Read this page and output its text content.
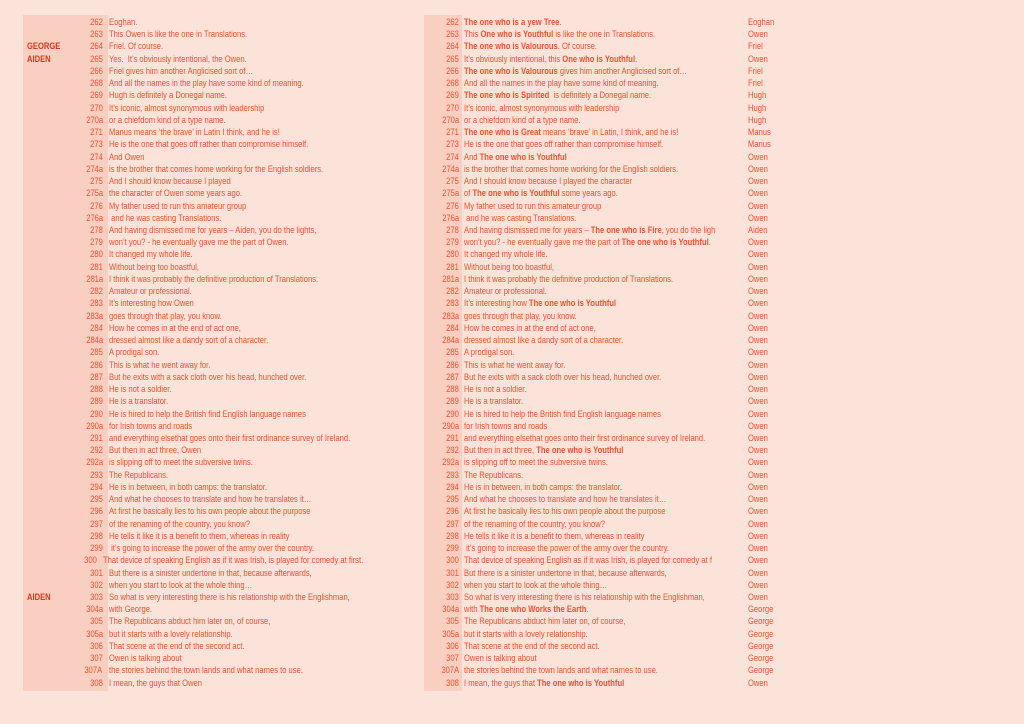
262 Eoghan.
263 This Owen is like the one in Translations.
GEORGE	264 Friel. Of course.
AIDEN	265 Yes.  It’s obviously intentional, the Owen.
266 Friel gives him another Anglicised sort of…
268 And all the names in the play have some kind of meaning.
269 Hugh is definitely a Donegal name.
270 It’s iconic, almost synonymous with leadership
270a or a chiefdom kind of a type name.
271 Manus means ‘the brave’ in Latin I think, and he is!
273 He is the one that goes off rather than compromise himself.
274 And Owen
274a is the brother that comes home working for the English soldiers.
275 And I should know because I played
275a the character of Owen some years ago.
276 My father used to run this amateur group
276a and he was casting Translations.
278 And having dismissed me for years – Aiden, you do the lights,
279 won’t you? - he eventually gave me the part of Owen.
280 It changed my whole life.
281 Without being too boastful,
281a I think it was probably the definitive production of Translations.
282 Amateur or professional.
283 It’s interesting how Owen
283a goes through that play, you know.
284 How he comes in at the end of act one,
284a dressed almost like a dandy sort of a character.
285 A prodigal son.
286 This is what he went away for.
287 But he exits with a sack cloth over his head, hunched over.
288 He is not a soldier.
289 He is a translator.
290 He is hired to help the British find English language names
290a for Irish towns and roads
291 and everything elsethat goes onto their first ordinance survey of Ireland.
292 But then in act three, Owen
292a is slipping off to meet the subversive twins.
293 The Republicans.
294 He is in between, in both camps: the translator.
295 And what he chooses to translate and how he translates it…
296 At first he basically lies to his own people about the purpose
297 of the renaming of the country, you know?
298 He tells it like it is a benefit to them, whereas in reality
299 it’s going to increase the power of the army over the country.
300 That device of speaking English as if it was Irish, is played for comedy at first.
301 But there is a sinister undertone in that, because afterwards,
302 when you start to look at the whole thing…
AIDEN	303 So what is very interesting there is his relationship with the Englishman,
304a with George.
305 The Republicans abduct him later on, of course,
305a but it starts with a lovely relationship.
306 That scene at the end of the second act.
307 Owen is talking about
307A the stories behind the town lands and what names to use.
308 I mean, the guys that Owen
262 The one who is a yew Tree.	Eoghan
263 This One who is Youthful is like the one in Translations.	Owen
264 The one who is Valourous. Of course.	Friel
265 It’s obviously intentional, this One who is Youthful.	Owen
266 The one who is Valourous gives him another Anglicised sort of…	Friel
268 And all the names in the play have some kind of meaning.	Friel
269 The one who is Spirited  is definitely a Donegal name.	Hugh
270 It’s iconic, almost synonymous with leadership	Hugh
270a or a chiefdom kind of a type name.	Hugh
271 The one who is Great means ‘brave’ in Latin, I think, and he is!	Manus
273 He is the one that goes off rather than compromise himself.	Manus
274 And The one who is Youthful	Owen
274a is the brother that comes home working for the English soldiers.	Owen
275 And I should know because I played the character	Owen
275a of The one who is Youthful some years ago.	Owen
276 My father used to run this amateur group	Owen
276a and he was casting Translations.	Owen
278 And having dismissed me for years – The one who is Fire, you do the ligh	Aiden
279 won’t you? - he eventually gave me the part of The one who is Youthful.	Owen
280 It changed my whole life.	Owen
281 Without being too boastful,	Owen
281a I think it was probably the definitive production of Translations.	Owen
282 Amateur or professional.	Owen
283 It’s interesting how The one who is Youthful	Owen
283a goes through that play, you know.	Owen
284 How he comes in at the end of act one,	Owen
284a dressed almost like a dandy sort of a character.	Owen
285 A prodigal son.	Owen
286 This is what he went away for.	Owen
287 But he exits with a sack cloth over his head, hunched over.	Owen
288 He is not a soldier.	Owen
289 He is a translator.	Owen
290 He is hired to help the British find English language names	Owen
290a for Irish towns and roads	Owen
291 and everything elsethat goes onto their first ordinance survey of Ireland.	Owen
292 But then in act three, The one who is Youthful	Owen
292a is slipping off to meet the subversive twins.	Owen
293 The Republicans.	Owen
294 He is in between, in both camps: the translator.	Owen
295 And what he chooses to translate and how he translates it…	Owen
296 At first he basically lies to his own people about the purpose	Owen
297 of the renaming of the country, you know?	Owen
298 He tells it like it is a benefit to them, whereas in reality	Owen
299 it’s going to increase the power of the army over the country.	Owen
300 That device of speaking English as if it was Irish, is played for comedy at f	Owen
301 But there is a sinister undertone in that, because afterwards,	Owen
302 when you start to look at the whole thing…	Owen
303 So what is very interesting there is his relationship with the Englishman,	Owen
304a with The one who Works the Earth.	George
305 The Republicans abduct him later on, of course,	George
305a but it starts with a lovely relationship.	George
306 That scene at the end of the second act.	George
307 Owen is talking about	George
307A the stories behind the town lands and what names to use.	George
308 I mean, the guys that The one who is Youthful	Owen
